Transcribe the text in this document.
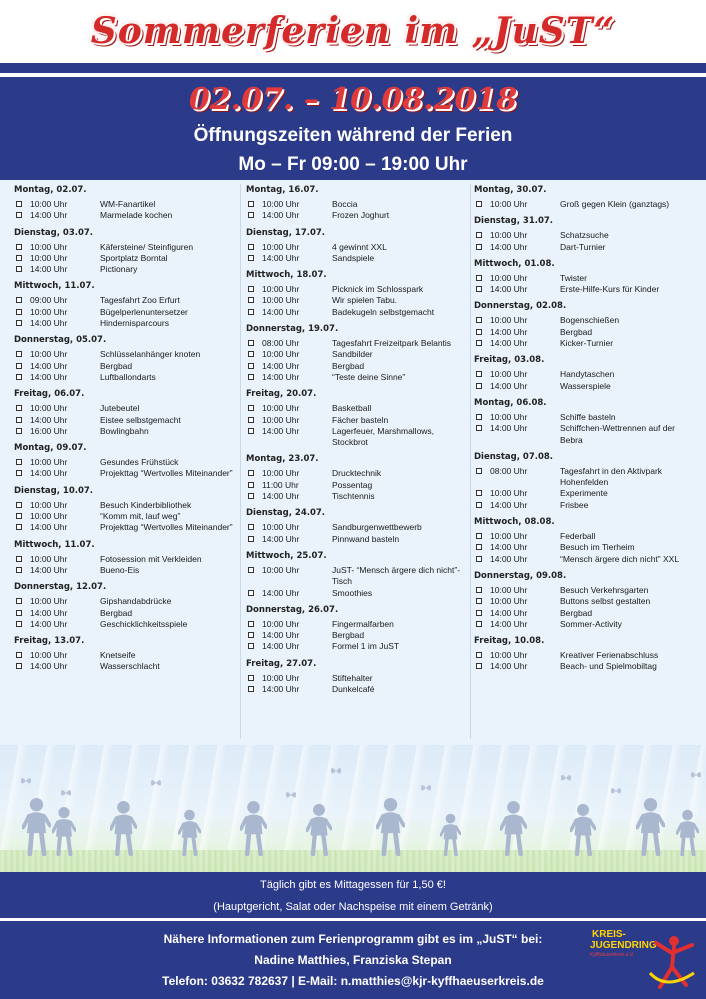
Sommerferien im „JuST“
02.07. – 10.08.2018
Öffnungszeiten während der Ferien
Mo – Fr 09:00 – 19:00 Uhr
Montag, 02.07.
10:00 Uhr	WM-Fanartikel
14:00 Uhr	Marmelade kochen
Dienstag, 03.07.
10:00 Uhr	Käfersteine/ Steinfiguren
10:00 Uhr	Sportplatz Borntal
14:00 Uhr	Pictionary
Mittwoch, 11.07.
09:00 Uhr	Tagesfahrt Zoo Erfurt
10:00 Uhr	Bügelperlenuntersetzer
14:00 Uhr	Hindernisparcours
Donnerstag, 05.07.
10:00 Uhr	Schlüsselanhänger knoten
14:00 Uhr	Bergbad
14:00 Uhr	Luftballondarts
Freitag, 06.07.
10:00 Uhr	Jutebeutel
14:00 Uhr	Eistee selbstgemacht
16:00 Uhr	Bowlingbahn
Montag, 09.07.
10:00 Uhr	Gesundes Frühstück
14:00 Uhr	Projekttag “Wertvolles Miteinander”
Dienstag, 10.07.
10:00 Uhr	Besuch Kinderbibliothek
10:00 Uhr	“Komm mit, lauf weg”
14:00 Uhr	Projekttag “Wertvolles Miteinander”
Mittwoch, 11.07.
10:00 Uhr	Fotosession mit Verkleiden
14:00 Uhr	Bueno-Eis
Donnerstag, 12.07.
10:00 Uhr	Gipshandabdrücke
14:00 Uhr	Bergbad
14:00 Uhr	Geschicklichkeitsspiele
Freitag, 13.07.
10:00 Uhr	Knetseife
14:00 Uhr	Wasserschlacht
Montag, 16.07.
10:00 Uhr	Boccia
14:00 Uhr	Frozen Joghurt
Dienstag, 17.07.
10:00 Uhr	4 gewinnt XXL
14:00 Uhr	Sandspiele
Mittwoch, 18.07.
10:00 Uhr	Picknick im Schlosspark
10:00 Uhr	Wir spielen Tabu.
14:00 Uhr	Badekugeln selbstgemacht
Donnerstag, 19.07.
08:00 Uhr	Tagesfahrt Freizeitpark Belantis
10:00 Uhr	Sandbilder
14:00 Uhr	Bergbad
14:00 Uhr	“Teste deine Sinne”
Freitag, 20.07.
10:00 Uhr	Basketball
10:00 Uhr	Fächer basteln
14:00 Uhr	Lagerfeuer, Marshmallows, Stockbrot
Montag, 23.07.
10:00 Uhr	Drucktechnik
11:00 Uhr	Possentag
14:00 Uhr	Tischtennis
Dienstag, 24.07.
10:00 Uhr	Sandburgenwettbewerb
14:00 Uhr	Pinnwand basteln
Mittwoch, 25.07.
10:00 Uhr	JuST- “Mensch ärgere dich nicht”- Tisch
14:00 Uhr	Smoothies
Donnerstag, 26.07.
10:00 Uhr	Fingermalfarben
14:00 Uhr	Bergbad
14:00 Uhr	Formel 1 im JuST
Freitag, 27.07.
10:00 Uhr	Stiftehalter
14:00 Uhr	Dunkelcafé
Montag, 30.07.
10:00 Uhr	Groß gegen Klein (ganztags)
Dienstag, 31.07.
10:00 Uhr	Schatzsuche
14:00 Uhr	Dart-Turnier
Mittwoch, 01.08.
10:00 Uhr	Twister
14:00 Uhr	Erste-Hilfe-Kurs für Kinder
Donnerstag, 02.08.
10:00 Uhr	Bogenschießen
14:00 Uhr	Bergbad
14:00 Uhr	Kicker-Turnier
Freitag, 03.08.
10:00 Uhr	Handytaschen
14:00 Uhr	Wasserspiele
Montag, 06.08.
10:00 Uhr	Schiffe basteln
14:00 Uhr	Schiffchen-Wettrennen auf der Bebra
Dienstag, 07.08.
08:00 Uhr	Tagesfahrt in den Aktivpark Hohenfelden
10:00 Uhr	Experimente
14:00 Uhr	Frisbee
Mittwoch, 08.08.
10:00 Uhr	Federball
14:00 Uhr	Besuch im Tierheim
14:00 Uhr	“Mensch ärgere dich nicht” XXL
Donnerstag, 09.08.
10:00 Uhr	Besuch Verkehrsgarten
10:00 Uhr	Buttons selbst gestalten
14:00 Uhr	Bergbad
14:00 Uhr	Sommer-Activity
Freitag, 10.08.
10:00 Uhr	Kreativer Ferienabschluss
14:00 Uhr	Beach- und Spielmobiltag
Täglich gibt es Mittagessen für 1,50 €!
(Hauptgericht, Salat oder Nachspeise mit einem Getränk)
Nähere Informationen zum Ferienprogramm gibt es im „JuST“ bei:
Nadine Matthies, Franziska Stepan
Telefon: 03632 782637 | E-Mail: n.matthies@kjr-kyffhaeuserkreis.de
KREIS-
JUGENDRING
Kyffhäuserkreis e.V.
